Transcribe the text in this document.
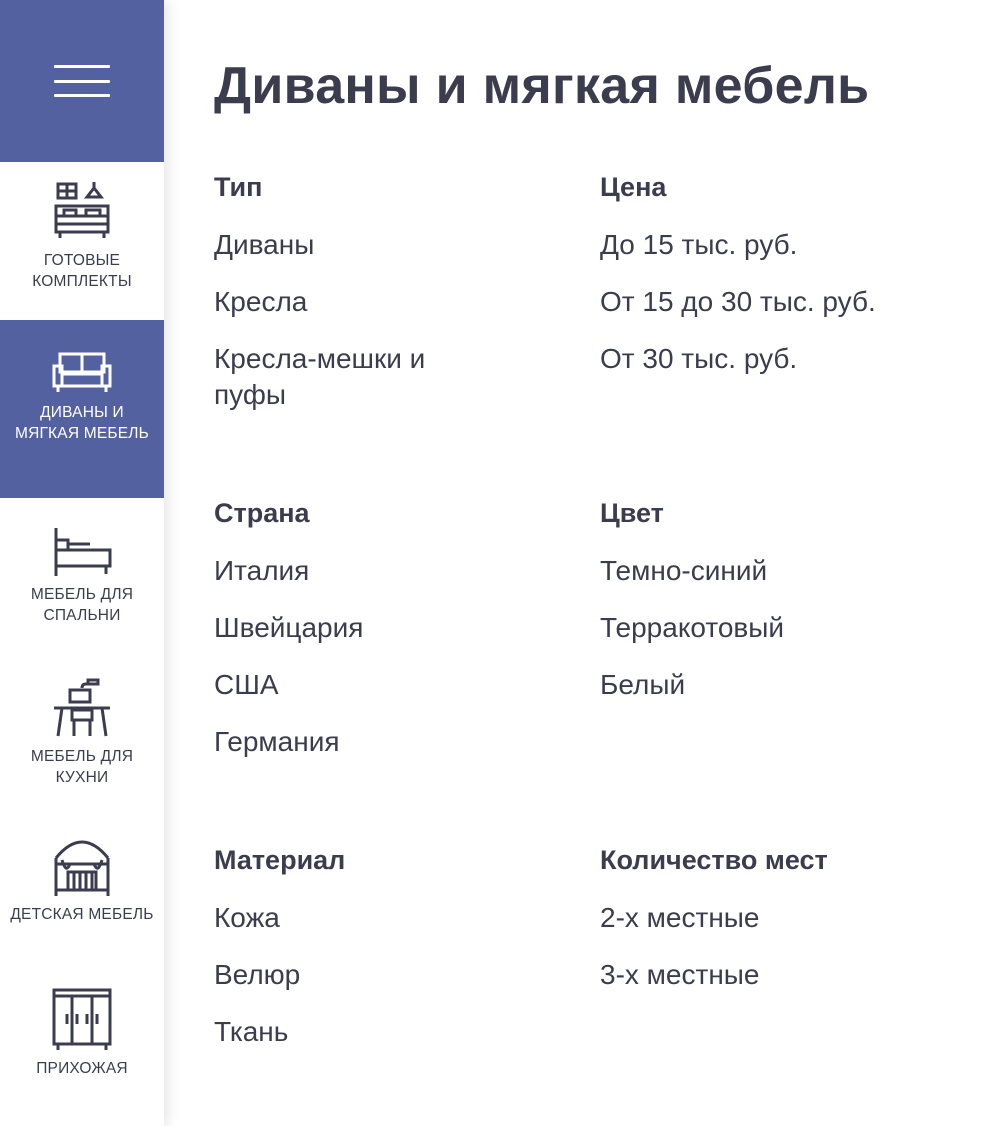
ГОТОВЫЕ КОМПЛЕКТЫ
ДИВАНЫ И МЯГКАЯ МЕБЕЛЬ
МЕБЕЛЬ ДЛЯ СПАЛЬНИ
МЕБЕЛЬ ДЛЯ КУХНИ
ДЕТСКАЯ МЕБЕЛЬ
ПРИХОЖАЯ
Диваны и мягкая мебель
Тип
Диваны
Кресла
Кресла-мешки и пуфы
Цена
До 15 тыс. руб.
От 15 до 30 тыс. руб.
От 30 тыс. руб.
Страна
Италия
Швейцария
США
Германия
Цвет
Темно-синий
Терракотовый
Белый
Материал
Кожа
Велюр
Ткань
Количество мест
2-х местные
3-х местные
